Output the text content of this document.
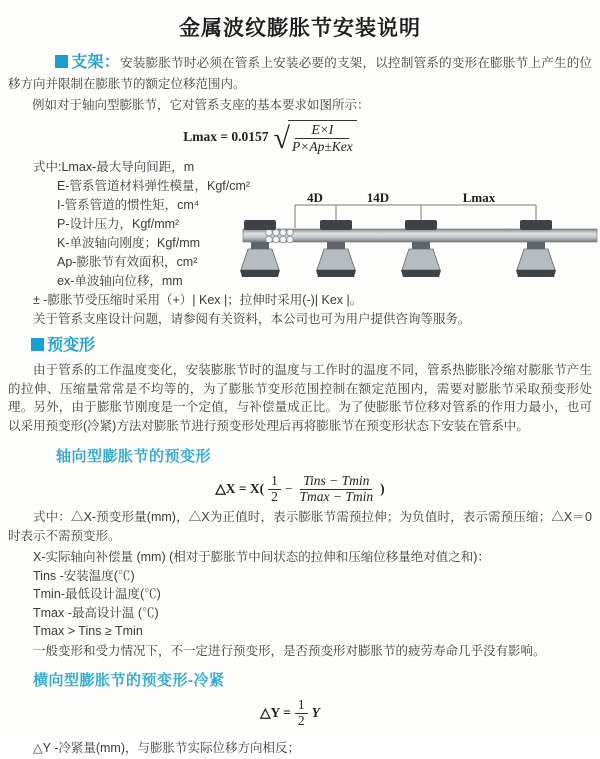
金属波纹膨胀节安装说明

支架：安装膨胀节时必须在管系上安装必要的支架，以控制管系的变形在膨胀节上产生的位移方向并限制在膨胀节的额定位移范围内。

例如对于轴向型膨胀节，它对管系支座的基本要求如图所示：

Lmax = 0.0157 √
$\frac{E\times I}{\text{P×Ap±Kex}}$
式中:Lmax-最大导向间距，m
E-管系管道材料弹性模量，Kgf/cm²
I-管系管道的惯性矩，cm⁴
P-设计压力，Kgf/mm²
K-单波轴向刚度；Kgf/mm
Ap-膨胀节有效面积，cm²
ex-单波轴向位移，mm
± -膨胀节受压缩时采用（+）| Kex |；拉伸时采用(-)| Kex |。
关于管系支座设计问题，请参阅有关资料，本公司也可为用户提供咨询等服务。
4D	14D	Lmax

预变形

由于管系的工作温度变化，安装膨胀节时的温度与工作时的温度不同，管系热膨胀冷缩对膨胀节产生的拉伸、压缩量常常是不均等的，为了膨胀节变形范围控制在额定范围内，需要对膨胀节采取预变形处理。另外，由于膨胀节刚度是一个定值，与补偿量成正比。为了使膨胀节位移对管系的作用力最小，也可以采用预变形(冷紧)方法对膨胀节进行预变形处理后再将膨胀节在预变形状态下安装在管系中。

轴向型膨胀节的预变形
△X = $X( \frac{1}{2} - \frac{\text{Tins − Tmin}}{Tmax - Tmin}$ )

式中：△X-预变形量(mm)，△X为正值时，表示膨胀节需预拉伸；为负值时，表示需预压缩；△X＝0时表示不需预变形。

X-实际轴向补偿量 (mm) (相对于膨胀节中间状态的拉伸和压缩位移量绝对值之和)：
Tins -安装温度(℃)
Tmin-最低设计温度(℃)
Tmax -最高设计温 (℃)
Tmax > Tins ≥ Tmin

一般变形和受力情况下，不一定进行预变形，是否预变形对膨胀节的疲劳寿命几乎没有影响。

横向型膨胀节的预变形-冷紧
△Y = $\frac{1}{2}$ Y

△Y -冷紧量(mm)，与膨胀节实际位移方向相反；
